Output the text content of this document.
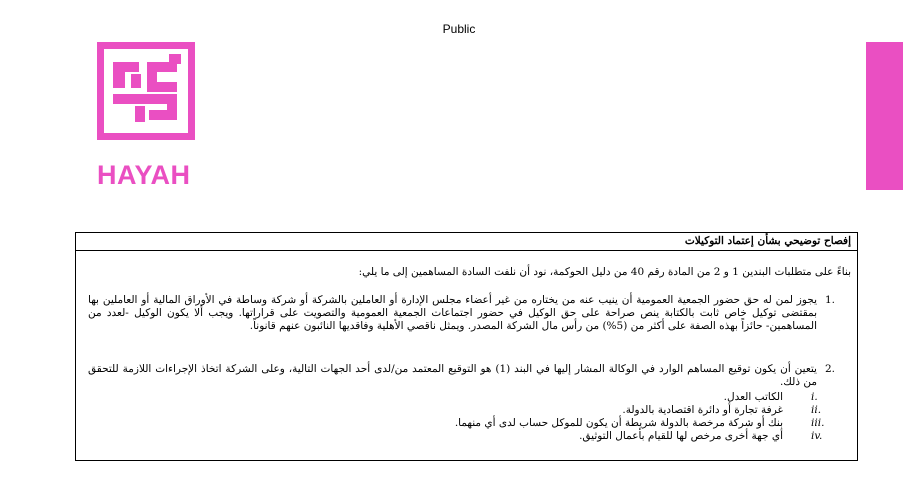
Public
HAYAH
إفصاح توضيحي بشأن إعتماد التوكيلات
بناءً على متطلبات البندين 1 و 2 من المادة رقم 40 من دليل الحوكمة، نود أن نلفت السادة المساهمين إلى ما يلي:
1.
يجوز لمن له حق حضور الجمعية العمومية أن ينيب عنه من يختاره من غير أعضاء مجلس الإدارة أو العاملين بالشركة أو شركة وساطة في الأوراق المالية أو العاملين بها بمقتضى توكيل خاص ثابت بالكتابة ينص صراحة على حق الوكيل في حضور اجتماعات الجمعية العمومية والتصويت على قراراتها. ويجب ألا يكون الوكيل -لعدد من المساهمين- حائزاً بهذه الصفة على أكثر من (5%) من رأس مال الشركة المصدر. ويمثل ناقصي الأهلية وفاقديها النائبون عنهم قانوناً.
2.
يتعين أن يكون توقيع المساهم الوارد في الوكالة المشار إليها في البند (1) هو التوقيع المعتمد من/لدى أحد الجهات التالية، وعلى الشركة اتخاذ الإجراءات اللازمة للتحقق من ذلك.
i.
الكاتب العدل.
ii.
غرفة تجارة أو دائرة اقتصادية بالدولة.
iii.
بنك أو شركة مرخصة بالدولة شريطة أن يكون للموكل حساب لدى أي منهما.
iv.
أي جهة أخرى مرخص لها للقيام بأعمال التوثيق.
